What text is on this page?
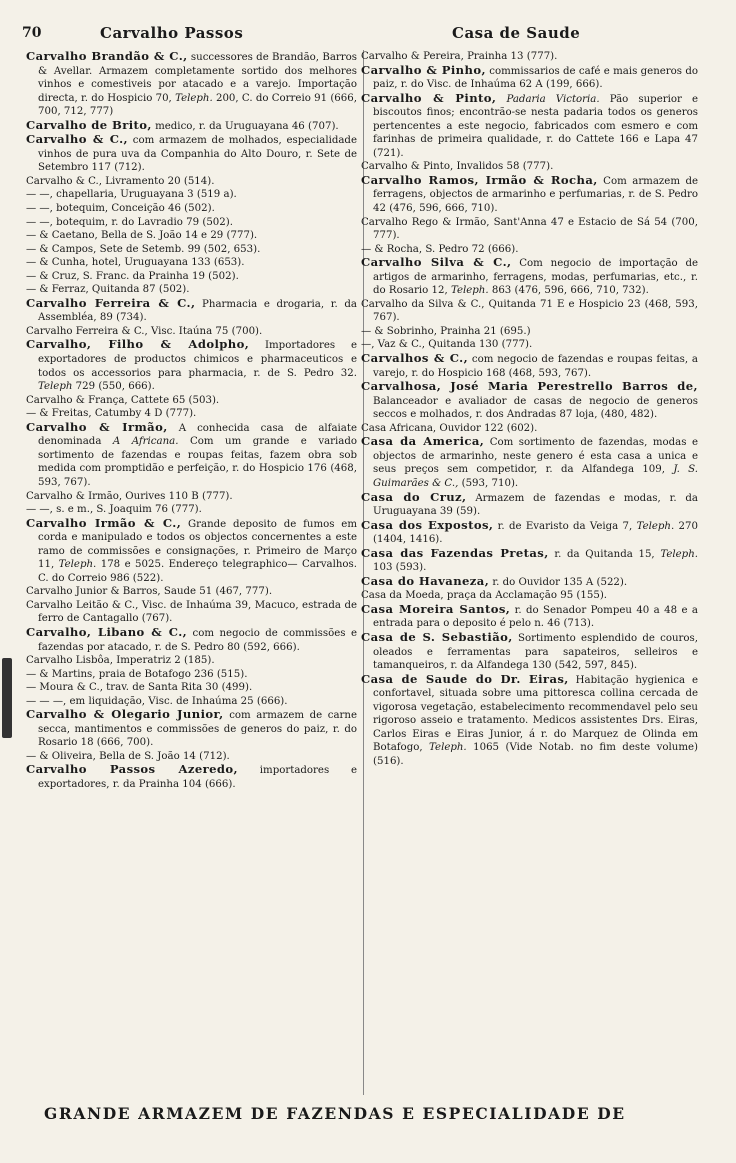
70	Carvalho Passos	Casa de Saude

Carvalho Brandão & C., successores de Brandão, Barros & Avellar. Armazem completamente sortido dos melhores vinhos e comestiveis por atacado e a varejo. Importação directa, r. do Hospicio 70, Teleph. 200, C. do Correio 91 (666, 700, 712, 777)

Carvalho de Brito, medico, r. da Uruguayana 46 (707).

Carvalho & C., com armazem de molhados, especialidade vinhos de pura uva da Companhia do Alto Douro, r. Sete de Setembro 117 (712).

Carvalho & C., Livramento 20 (514).

— —, chapellaria, Uruguayana 3 (519 a).

— —, botequim, Conceição 46 (502).

— —, botequim, r. do Lavradio 79 (502).

— & Caetano, Bella de S. João 14 e 29 (777).

— & Campos, Sete de Setemb. 99 (502, 653).

— & Cunha, hotel, Uruguayana 133 (653).

— & Cruz, S. Franc. da Prainha 19 (502).

— & Ferraz, Quitanda 87 (502).

Carvalho Ferreira & C., Pharmacia e drogaria, r. da Assembléa, 89 (734).

Carvalho Ferreira & C., Visc. Itaúna 75 (700).

Carvalho, Filho & Adolpho, Importadores e exportadores de productos chimicos e pharmaceuticos e todos os accessorios para pharmacia, r. de S. Pedro 32. Teleph 729 (550, 666).

Carvalho & França, Cattete 65 (503).

— & Freitas, Catumby 4 D (777).

Carvalho & Irmão, A conhecida casa de alfaiate denominada A Africana. Com um grande e variado sortimento de fazendas e roupas feitas, fazem obra sob medida com promptidão e perfeição, r. do Hospicio 176 (468, 593, 767).

Carvalho & Irmão, Ourives 110 B (777).

— —, s. e m., S. Joaquim 76 (777).

Carvalho Irmão & C., Grande deposito de fumos em corda e manipulado e todos os objectos concernentes a este ramo de commissões e consignações, r. Primeiro de Março 11, Teleph. 178 e 5025. Endereço telegraphico— Carvalhos. C. do Correio 986 (522).

Carvalho Junior & Barros, Saude 51 (467, 777).

Carvalho Leitão & C., Visc. de Inhaúma 39, Macuco, estrada de ferro de Cantagallo (767).

Carvalho, Libano & C., com negocio de commissões e fazendas por atacado, r. de S. Pedro 80 (592, 666).

Carvalho Lisbôa, Imperatriz 2 (185).

— & Martins, praia de Botafogo 236 (515).

— Moura & C., trav. de Santa Rita 30 (499).

— — —, em liquidação, Visc. de Inhaúma 25 (666).

Carvalho & Olegario Junior, com armazem de carne secca, mantimentos e commissões de generos do paiz, r. do Rosario 18 (666, 700).

— & Oliveira, Bella de S. João 14 (712).

Carvalho Passos Azeredo, importadores e exportadores, r. da Prainha 104 (666).

Carvalho & Pereira, Prainha 13 (777).

Carvalho & Pinho, commissarios de café e mais generos do paiz, r. do Visc. de Inhaúma 62 A (199, 666).

Carvalho & Pinto, Padaria Victoria. Pão superior e biscoutos finos; encontrão-se nesta padaria todos os generos pertencentes a este negocio, fabricados com esmero e com farinhas de primeira qualidade, r. do Cattete 166 e Lapa 47 (721).

Carvalho & Pinto, Invalidos 58 (777).

Carvalho Ramos, Irmão & Rocha, Com armazem de ferragens, objectos de armarinho e perfumarias, r. de S. Pedro 42 (476, 596, 666, 710).

Carvalho Rego & Irmão, Sant'Anna 47 e Estacio de Sá 54 (700, 777).

— & Rocha, S. Pedro 72 (666).

Carvalho Silva & C., Com negocio de importação de artigos de armarinho, ferragens, modas, perfumarias, etc., r. do Rosario 12, Teleph. 863 (476, 596, 666, 710, 732).

Carvalho da Silva & C., Quitanda 71 E e Hospicio 23 (468, 593, 767).

— & Sobrinho, Prainha 21 (695.)

—, Vaz & C., Quitanda 130 (777).

Carvalhos & C., com negocio de fazendas e roupas feitas, a varejo, r. do Hospicio 168 (468, 593, 767).

Carvalhosa, José Maria Perestrello Barros de, Balanceador e avaliador de casas de negocio de generos seccos e molhados, r. dos Andradas 87 loja, (480, 482).

Casa Africana, Ouvidor 122 (602).

Casa da America, Com sortimento de fazendas, modas e objectos de armarinho, neste genero é esta casa a unica e seus preços sem competidor, r. da Alfandega 109, J. S. Guimarães & C., (593, 710).

Casa do Cruz, Armazem de fazendas e modas, r. da Uruguayana 39 (59).

Casa dos Expostos, r. de Evaristo da Veiga 7, Teleph. 270 (1404, 1416).

Casa das Fazendas Pretas, r. da Quitanda 15, Teleph. 103 (593).

Casa do Havaneza, r. do Ouvidor 135 A (522).

Casa da Moeda, praça da Acclamação 95 (155).

Casa Moreira Santos, r. do Senador Pompeu 40 a 48 e a entrada para o deposito é pelo n. 46 (713).

Casa de S. Sebastião, Sortimento esplendido de couros, oleados e ferramentas para sapateiros, selleiros e tamanqueiros, r. da Alfandega 130 (542, 597, 845).

Casa de Saude do Dr. Eiras, Habitação hygienica e confortavel, situada sobre uma pittoresca collina cercada de vigorosa vegetação, estabelecimento recommendavel pelo seu rigoroso asseio e tratamento. Medicos assistentes Drs. Eiras, Carlos Eiras e Eiras Junior, á r. do Marquez de Olinda em Botafogo, Teleph. 1065 (Vide Notab. no fim deste volume) (516).

GRANDE ARMAZEM DE FAZENDAS E ESPECIALIDADE DE
